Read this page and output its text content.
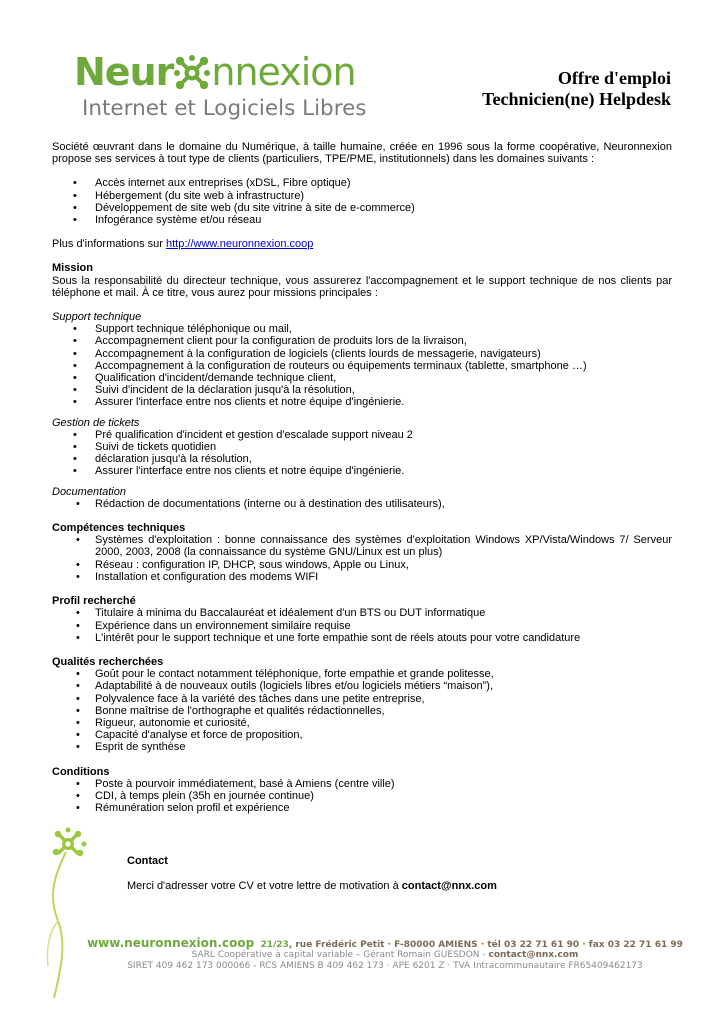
Neur nnexion
Internet et Logiciels Libres
Offre d'emploi
Technicien(ne) Helpdesk

Société œuvrant dans le domaine du Numérique, à taille humaine, créée en 1996 sous la forme coopérative, Neuronnexion propose ses services à tout type de clients (particuliers, TPE/PME, institutionnels) dans les domaines suivants :

• Accès internet aux entreprises (xDSL, Fibre optique)
• Hébergement (du site web à infrastructure)
• Développement de site web (du site vitrine à site de e-commerce)
• Infogérance système et/ou réseau

Plus d'informations sur http://www.neuronnexion.coop

Mission

Sous la responsabilité du directeur technique, vous assurerez l'accompagnement et le support technique de nos clients par téléphone et mail. À ce titre, vous aurez pour missions principales :

Support technique
• Support technique téléphonique ou mail,
• Accompagnement client pour la configuration de produits lors de la livraison,
• Accompagnement à la configuration de logiciels (clients lourds de messagerie, navigateurs)
• Accompagnement à la configuration de routeurs ou équipements terminaux (tablette, smartphone …)
• Qualification d'incident/demande technique client,
• Suivi d'incident de la déclaration jusqu'à la résolution,
• Assurer l'interface entre nos clients et notre équipe d'ingénierie.
Gestion de tickets
• Pré qualification d'incident et gestion d'escalade support niveau 2
• Suivi de tickets quotidien
• déclaration jusqu'à la résolution,
• Assurer l'interface entre nos clients et notre équipe d'ingénierie.
Documentation
• Rédaction de documentations (interne ou à destination des utilisateurs),
Compétences techniques
• Systèmes d'exploitation : bonne connaissance des systèmes d'exploitation Windows XP/Vista/Windows 7/ Serveur 2000, 2003, 2008 (la connaissance du système GNU/Linux est un plus)
• Réseau : configuration IP, DHCP, sous windows, Apple ou Linux,
• Installation et configuration des modems WIFI
Profil recherché
• Titulaire à minima du Baccalauréat et idéalement d'un BTS ou DUT informatique
• Expérience dans un environnement similaire requise
• L'intérêt pour le support technique et une forte empathie sont de réels atouts pour votre candidature
Qualités recherchées
• Goût pour le contact notamment téléphonique, forte empathie et grande politesse,
• Adaptabilité à de nouveaux outils (logiciels libres et/ou logiciels métiers “maison”),
• Polyvalence face à la variété des tâches dans une petite entreprise,
• Bonne maîtrise de l'orthographe et qualités rédactionnelles,
• Rigueur, autonomie et curiosité,
• Capacité d'analyse et force de proposition,
• Esprit de synthèse
Conditions
• Poste à pourvoir immédiatement, basé à Amiens (centre ville)
• CDI, à temps plein (35h en journée continue)
• Rémunération selon profil et expérience
Contact
Merci d'adresser votre CV et votre lettre de motivation à contact@nnx.com
www.neuronnexion.coop 21/23, rue Frédéric Petit · F-80000 AMIENS · tél 03 22 71 61 90 · fax 03 22 71 61 99
SARL Coopérative à capital variable – Gérant Romain GUESDON - contact@nnx.com
SIRET 409 462 173 000066 - RCS AMIENS B 409 462 173 · APE 6201 Z · TVA Intracommunautaire FR65409462173
